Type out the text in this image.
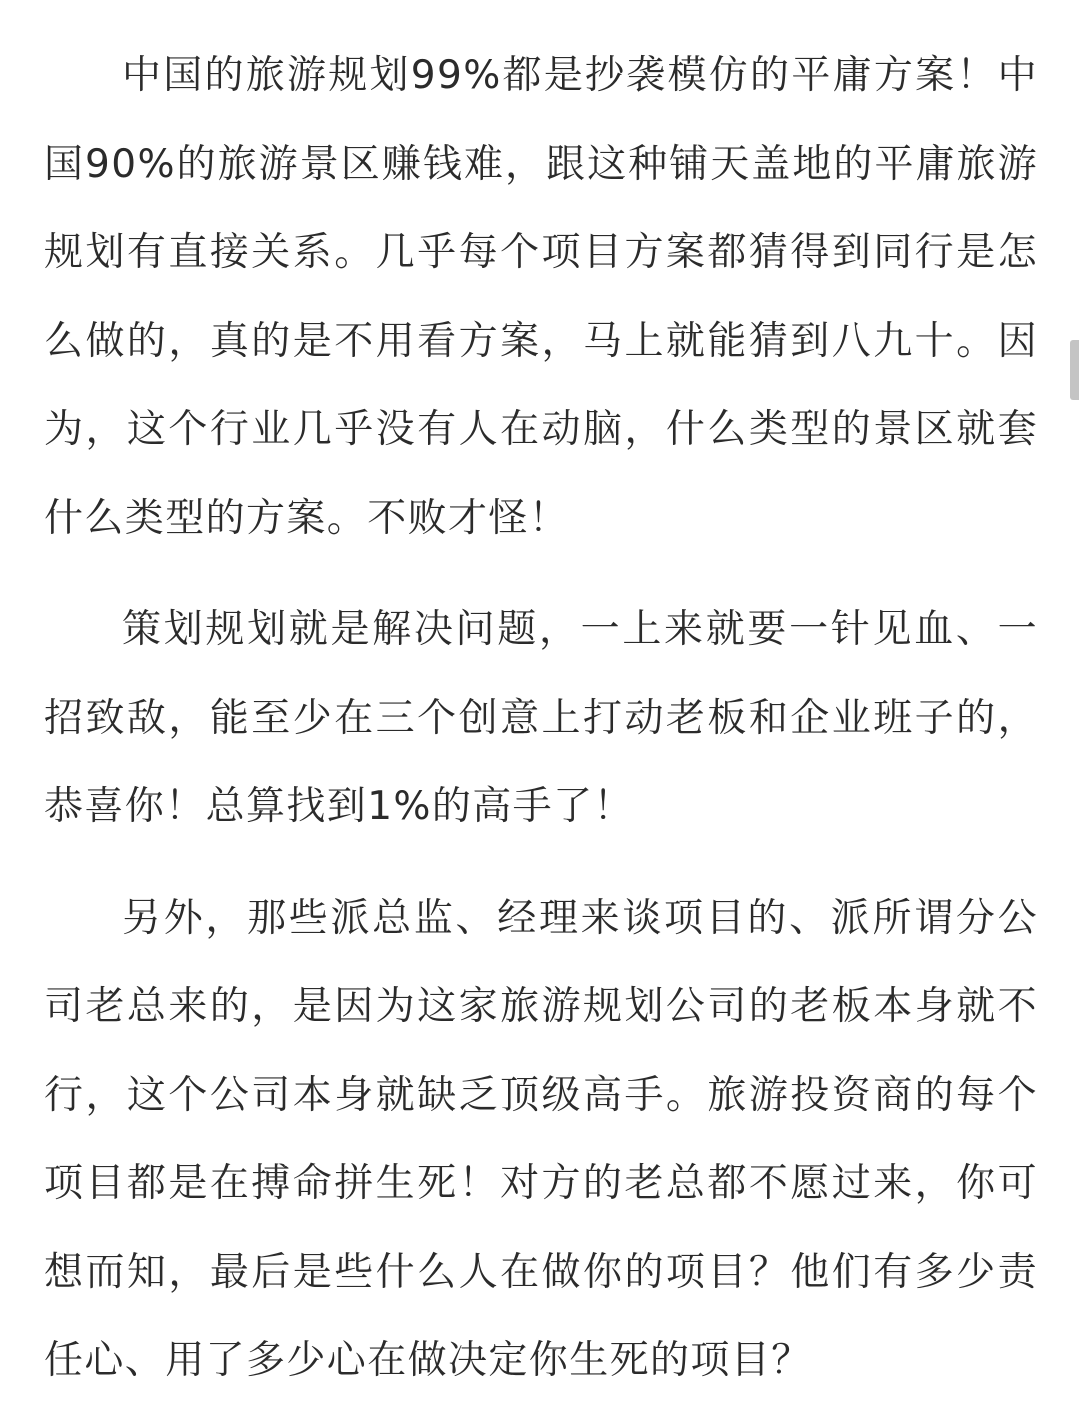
中国的旅游规划99%都是抄袭模仿的平庸方案！中国90%的旅游景区赚钱难，跟这种铺天盖地的平庸旅游规划有直接关系。几乎每个项目方案都猜得到同行是怎么做的，真的是不用看方案，马上就能猜到八九十。因为，这个行业几乎没有人在动脑，什么类型的景区就套什么类型的方案。不败才怪！

策划规划就是解决问题，一上来就要一针见血、一招致敌，能至少在三个创意上打动老板和企业班子的，恭喜你！总算找到1%的高手了！

另外，那些派总监、经理来谈项目的、派所谓分公司老总来的，是因为这家旅游规划公司的老板本身就不行，这个公司本身就缺乏顶级高手。旅游投资商的每个项目都是在搏命拼生死！对方的老总都不愿过来，你可想而知，最后是些什么人在做你的项目？他们有多少责任心、用了多少心在做决定你生死的项目？
